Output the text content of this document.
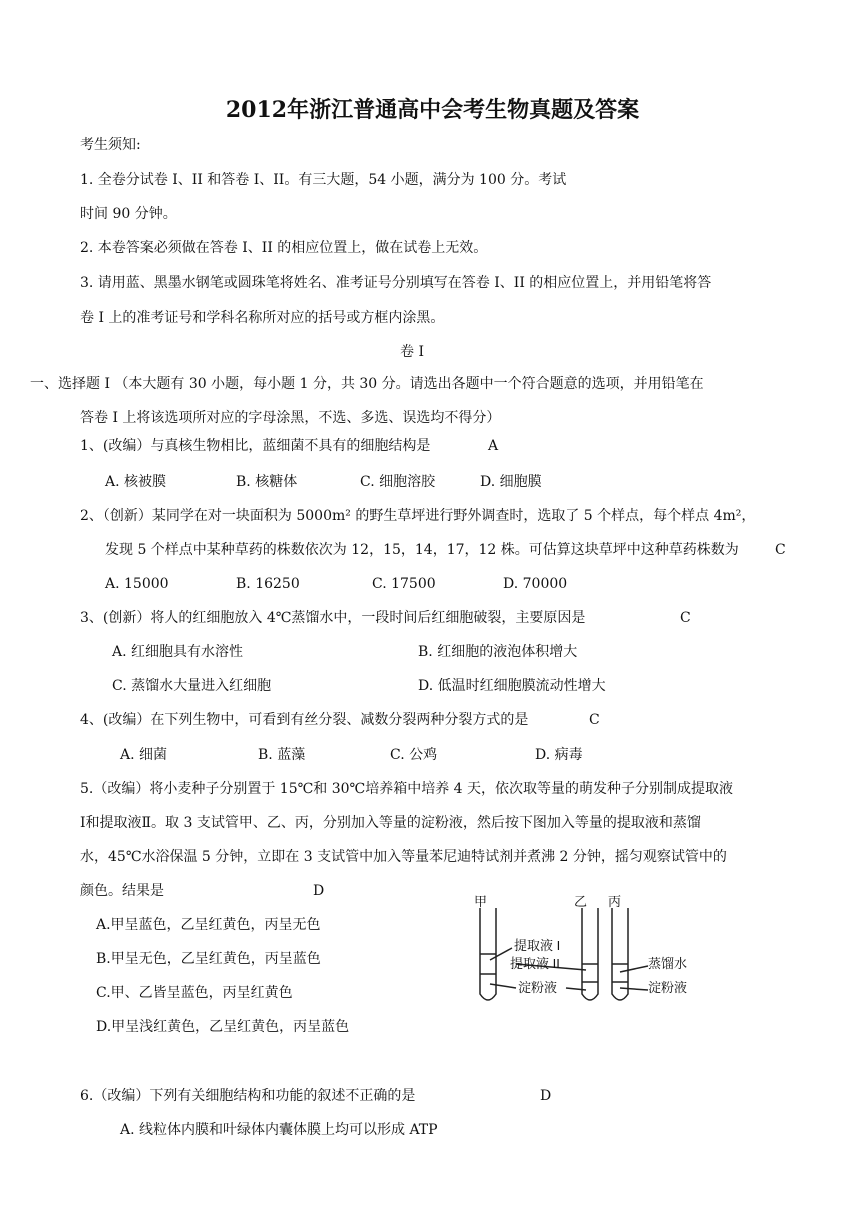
2012年浙江普通高中会考生物真题及答案
考生须知:
1. 全卷分试卷 I、II 和答卷 I、II。有三大题，54 小题，满分为 100 分。考试
时间 90 分钟。
2. 本卷答案必须做在答卷 I、II 的相应位置上，做在试卷上无效。
3. 请用蓝、黑墨水钢笔或圆珠笔将姓名、准考证号分别填写在答卷 I、II 的相应位置上，并用铅笔将答
卷 I 上的准考证号和学科名称所对应的括号或方框内涂黑。
卷 I
一、选择题 I （本大题有 30 小题，每小题 1 分，共 30 分。请选出各题中一个符合题意的选项，并用铅笔在
答卷 I 上将该选项所对应的字母涂黑，不选、多选、误选均不得分）
1、(改编）与真核生物相比，蓝细菌不具有的细胞结构是	A
A. 核被膜	B. 核糖体	C. 细胞溶胶	D. 细胞膜
2、（创新）某同学在对一块面积为 5000m² 的野生草坪进行野外调查时，选取了 5 个样点，每个样点 4m²，
发现 5 个样点中某种草药的株数依次为 12，15，14，17，12 株。可估算这块草坪中这种草药株数为	C
A. 15000	B. 16250	C. 17500	D. 70000
3、(创新）将人的红细胞放入 4℃蒸馏水中，一段时间后红细胞破裂，主要原因是	C
A. 红细胞具有水溶性	B. 红细胞的液泡体积增大
C. 蒸馏水大量进入红细胞	D. 低温时红细胞膜流动性增大
4、(改编）在下列生物中，可看到有丝分裂、减数分裂两种分裂方式的是	C
A. 细菌	B. 蓝藻	C. 公鸡	D. 病毒
5.（改编）将小麦种子分别置于 15℃和 30℃培养箱中培养 4 天，依次取等量的萌发种子分别制成提取液
Ⅰ和提取液Ⅱ。取 3 支试管甲、乙、丙，分别加入等量的淀粉液，然后按下图加入等量的提取液和蒸馏
水，45℃水浴保温 5 分钟，立即在 3 支试管中加入等量苯尼迪特试剂并煮沸 2 分钟，摇匀观察试管中的
颜色。结果是	D
A.甲呈蓝色，乙呈红黄色，丙呈无色
B.甲呈无色，乙呈红黄色，丙呈蓝色
C.甲、乙皆呈蓝色，丙呈红黄色
D.甲呈浅红黄色，乙呈红黄色，丙呈蓝色
甲	乙 丙
提取液 I
提取液 II
淀粉液
蒸馏水
淀粉液
6.（改编）下列有关细胞结构和功能的叙述不正确的是	D
A. 线粒体内膜和叶绿体内囊体膜上均可以形成 ATP
